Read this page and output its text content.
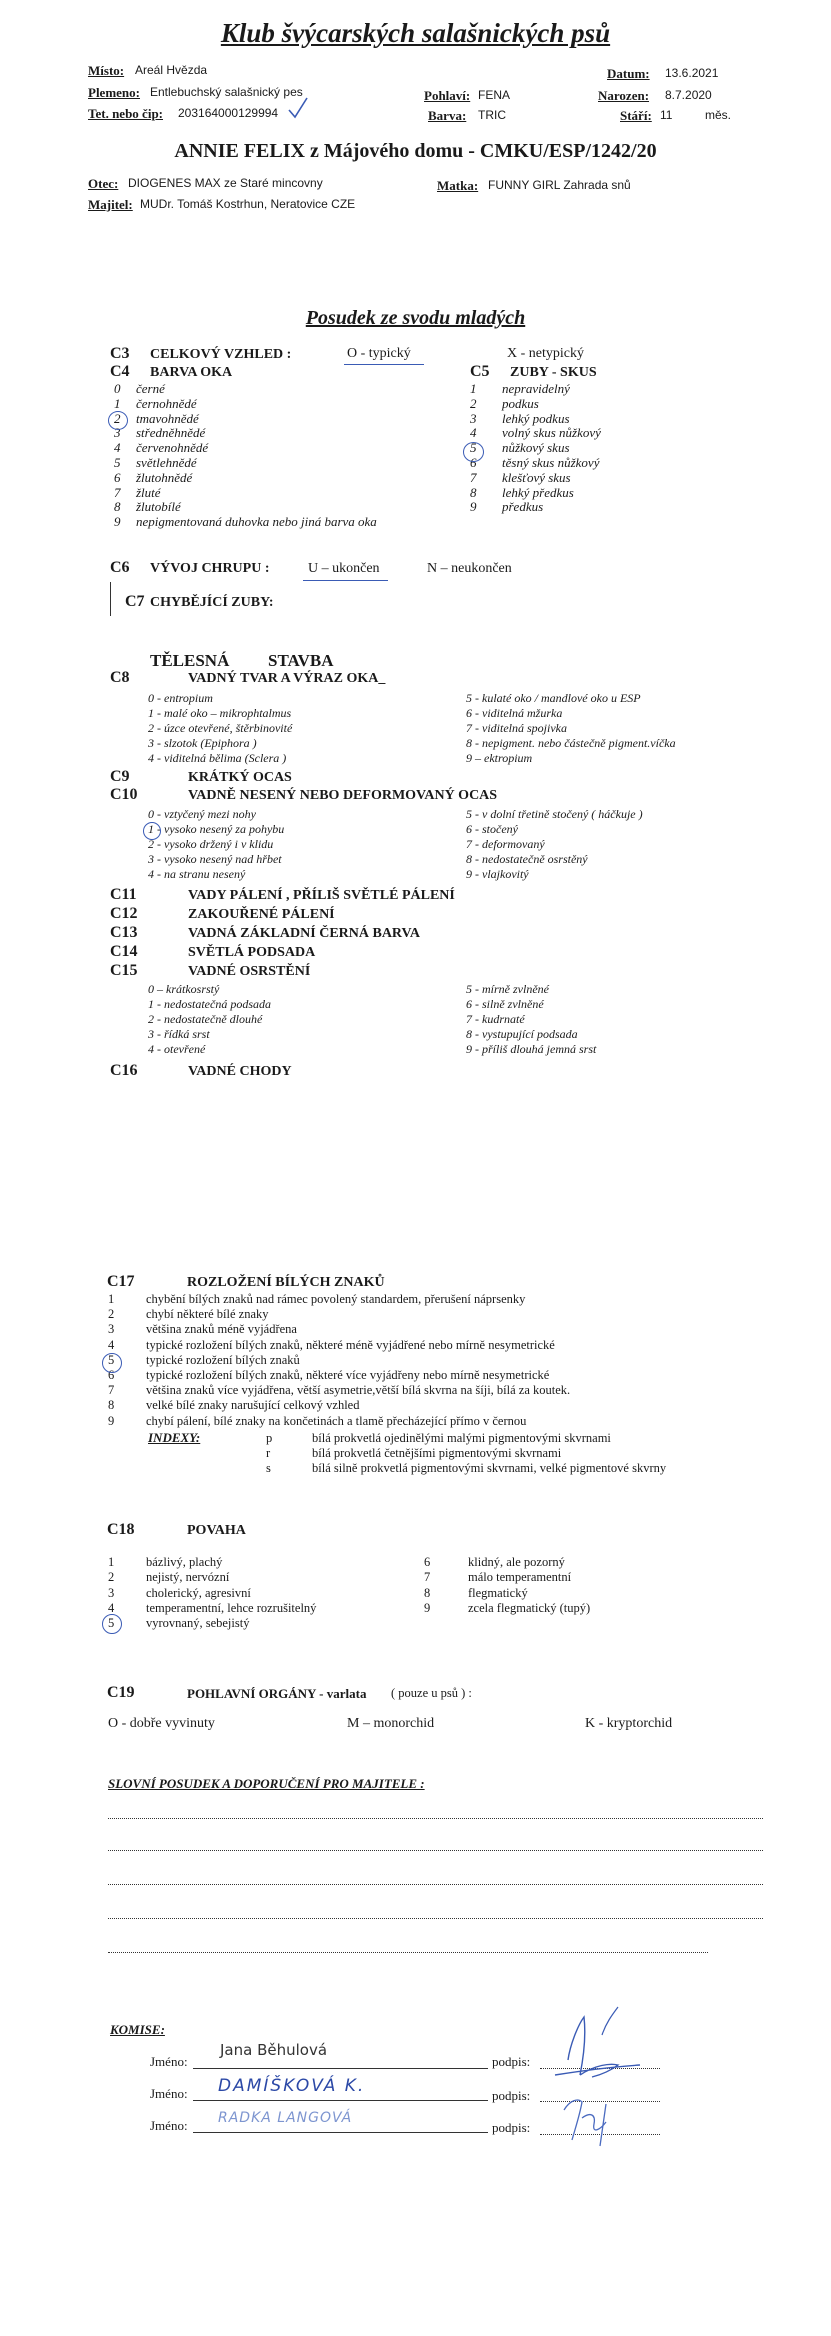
Klub švýcarských salašnických psů
Místo: Areál Hvězda	Datum: 13.6.2021
Plemeno: Entlebuchský salašnický pes	Pohlaví: FENA	Narozen: 8.7.2020
Tet. nebo čip: 203164000129994	Barva: TRIC	Stáří: 11	měs.
ANNIE FELIX z Májového domu - CMKU/ESP/1242/20
Otec: DIOGENES MAX ze Staré mincovny	Matka: FUNNY GIRL Zahrada snů
Majitel: MUDr. Tomáš Kostrhun, Neratovice CZE
Posudek ze svodu mladých
C3 CELKOVÝ VZHLED :	O - typický	X - netypický
C4 BARVA OKA
0 černé
1 černohnědé
2 tmavohnědé
3 středněhnědé
4 červenohnědé
5 světlehnědé
6 žlutohnědé
7 žluté
8 žlutobílé
9 nepigmentovaná duhovka nebo jiná barva oka
C5 ZUBY - SKUS
1 nepravidelný
2 podkus
3 lehký podkus
4 volný skus nůžkový
5 nůžkový skus
6 těsný skus nůžkový
7 klešťový skus
8 lehký předkus
9 předkus
C6 VÝVOJ CHRUPU :	U – ukončen	N – neukončen
C7 CHYBĚJÍCÍ ZUBY:
TĚLESNÁ STAVBA
C8	VADNÝ TVAR A VÝRAZ OKA_
0 - entropium
1 - malé oko – mikrophtalmus
2 - úzce otevřené, štěrbinovité
3 - slzotok (Epiphora )
4 - viditelná bělima (Sclera )
5 - kulaté oko / mandlové oko u ESP
6 - viditelná mžurka
7 - viditelná spojivka
8 - nepigment. nebo částečně pigment.víčka
9 – ektropium
C9	KRÁTKÝ OCAS
C10	VADNĚ NESENÝ NEBO DEFORMOVANÝ OCAS
0 - vztyčený mezi nohy
1 - vysoko nesený za pohybu
2 - vysoko držený i v klidu
3 - vysoko nesený nad hřbet
4 - na stranu nesený
5 - v dolní třetině stočený ( háčkuje )
6 - stočený
7 - deformovaný
8 - nedostatečně osrstěný
9 - vlajkovitý
C11	VADY PÁLENÍ , PŘÍLIŠ SVĚTLÉ PÁLENÍ
C12	ZAKOUŘENÉ PÁLENÍ
C13	VADNÁ ZÁKLADNÍ ČERNÁ BARVA
C14	SVĚTLÁ PODSADA
C15	VADNÉ OSRSTĚNÍ
0 – krátkosrstý
1 - nedostatečná podsada
2 - nedostatečně dlouhé
3 - řídká srst
4 - otevřené
5 - mírně zvlněné
6 - silně zvlněné
7 - kudrnaté
8 - vystupující podsada
9 - příliš dlouhá jemná srst
C16	VADNÉ CHODY
C17	ROZLOŽENÍ BÍLÝCH ZNAKŮ
1	chybění bílých znaků nad rámec povolený standardem, přerušení náprsenky
2	chybí některé bílé znaky
3	většina znaků méně vyjádřena
4	typické rozložení bílých znaků, některé méně vyjádřené nebo mírně nesymetrické
5	typické rozložení bílých znaků
6	typické rozložení bílých znaků, některé více vyjádřeny nebo mírně nesymetrické
7	většina znaků více vyjádřena, větší asymetrie,větší bílá skvrna na šíji, bílá za koutek.
8	velké bílé znaky narušující celkový vzhled
9	chybí pálení, bílé znaky na končetinách a tlamě přecházející přímo v černou
INDEXY:	p	bílá prokvetlá ojedinělými malými pigmentovými skvrnami
r	bílá prokvetlá četnějšími pigmentovými skvrnami
s	bílá silně prokvetlá pigmentovými skvrnami, velké pigmentové skvrny
C18	POVAHA
1	bázlivý, plachý
2	nejistý, nervózní
3	cholerický, agresivní
4	temperamentní, lehce rozrušitelný
5	vyrovnaný, sebejistý
6	klidný, ale pozorný
7	málo temperamentní
8	flegmatický
9	zcela flegmatický (tupý)
C19	POHLAVNÍ ORGÁNY - varlata ( pouze u psů ) :
O - dobře vyvinuty	M – monorchid	K - kryptorchid
SLOVNÍ POSUDEK A DOPORUČENÍ PRO MAJITELE :
KOMISE:
Jméno:
Jana Běhulová
podpis:
Jméno: DAMÍŠKOVÁ K.	podpis:
Jméno: RADKA LANGOVÁ
podpis:
